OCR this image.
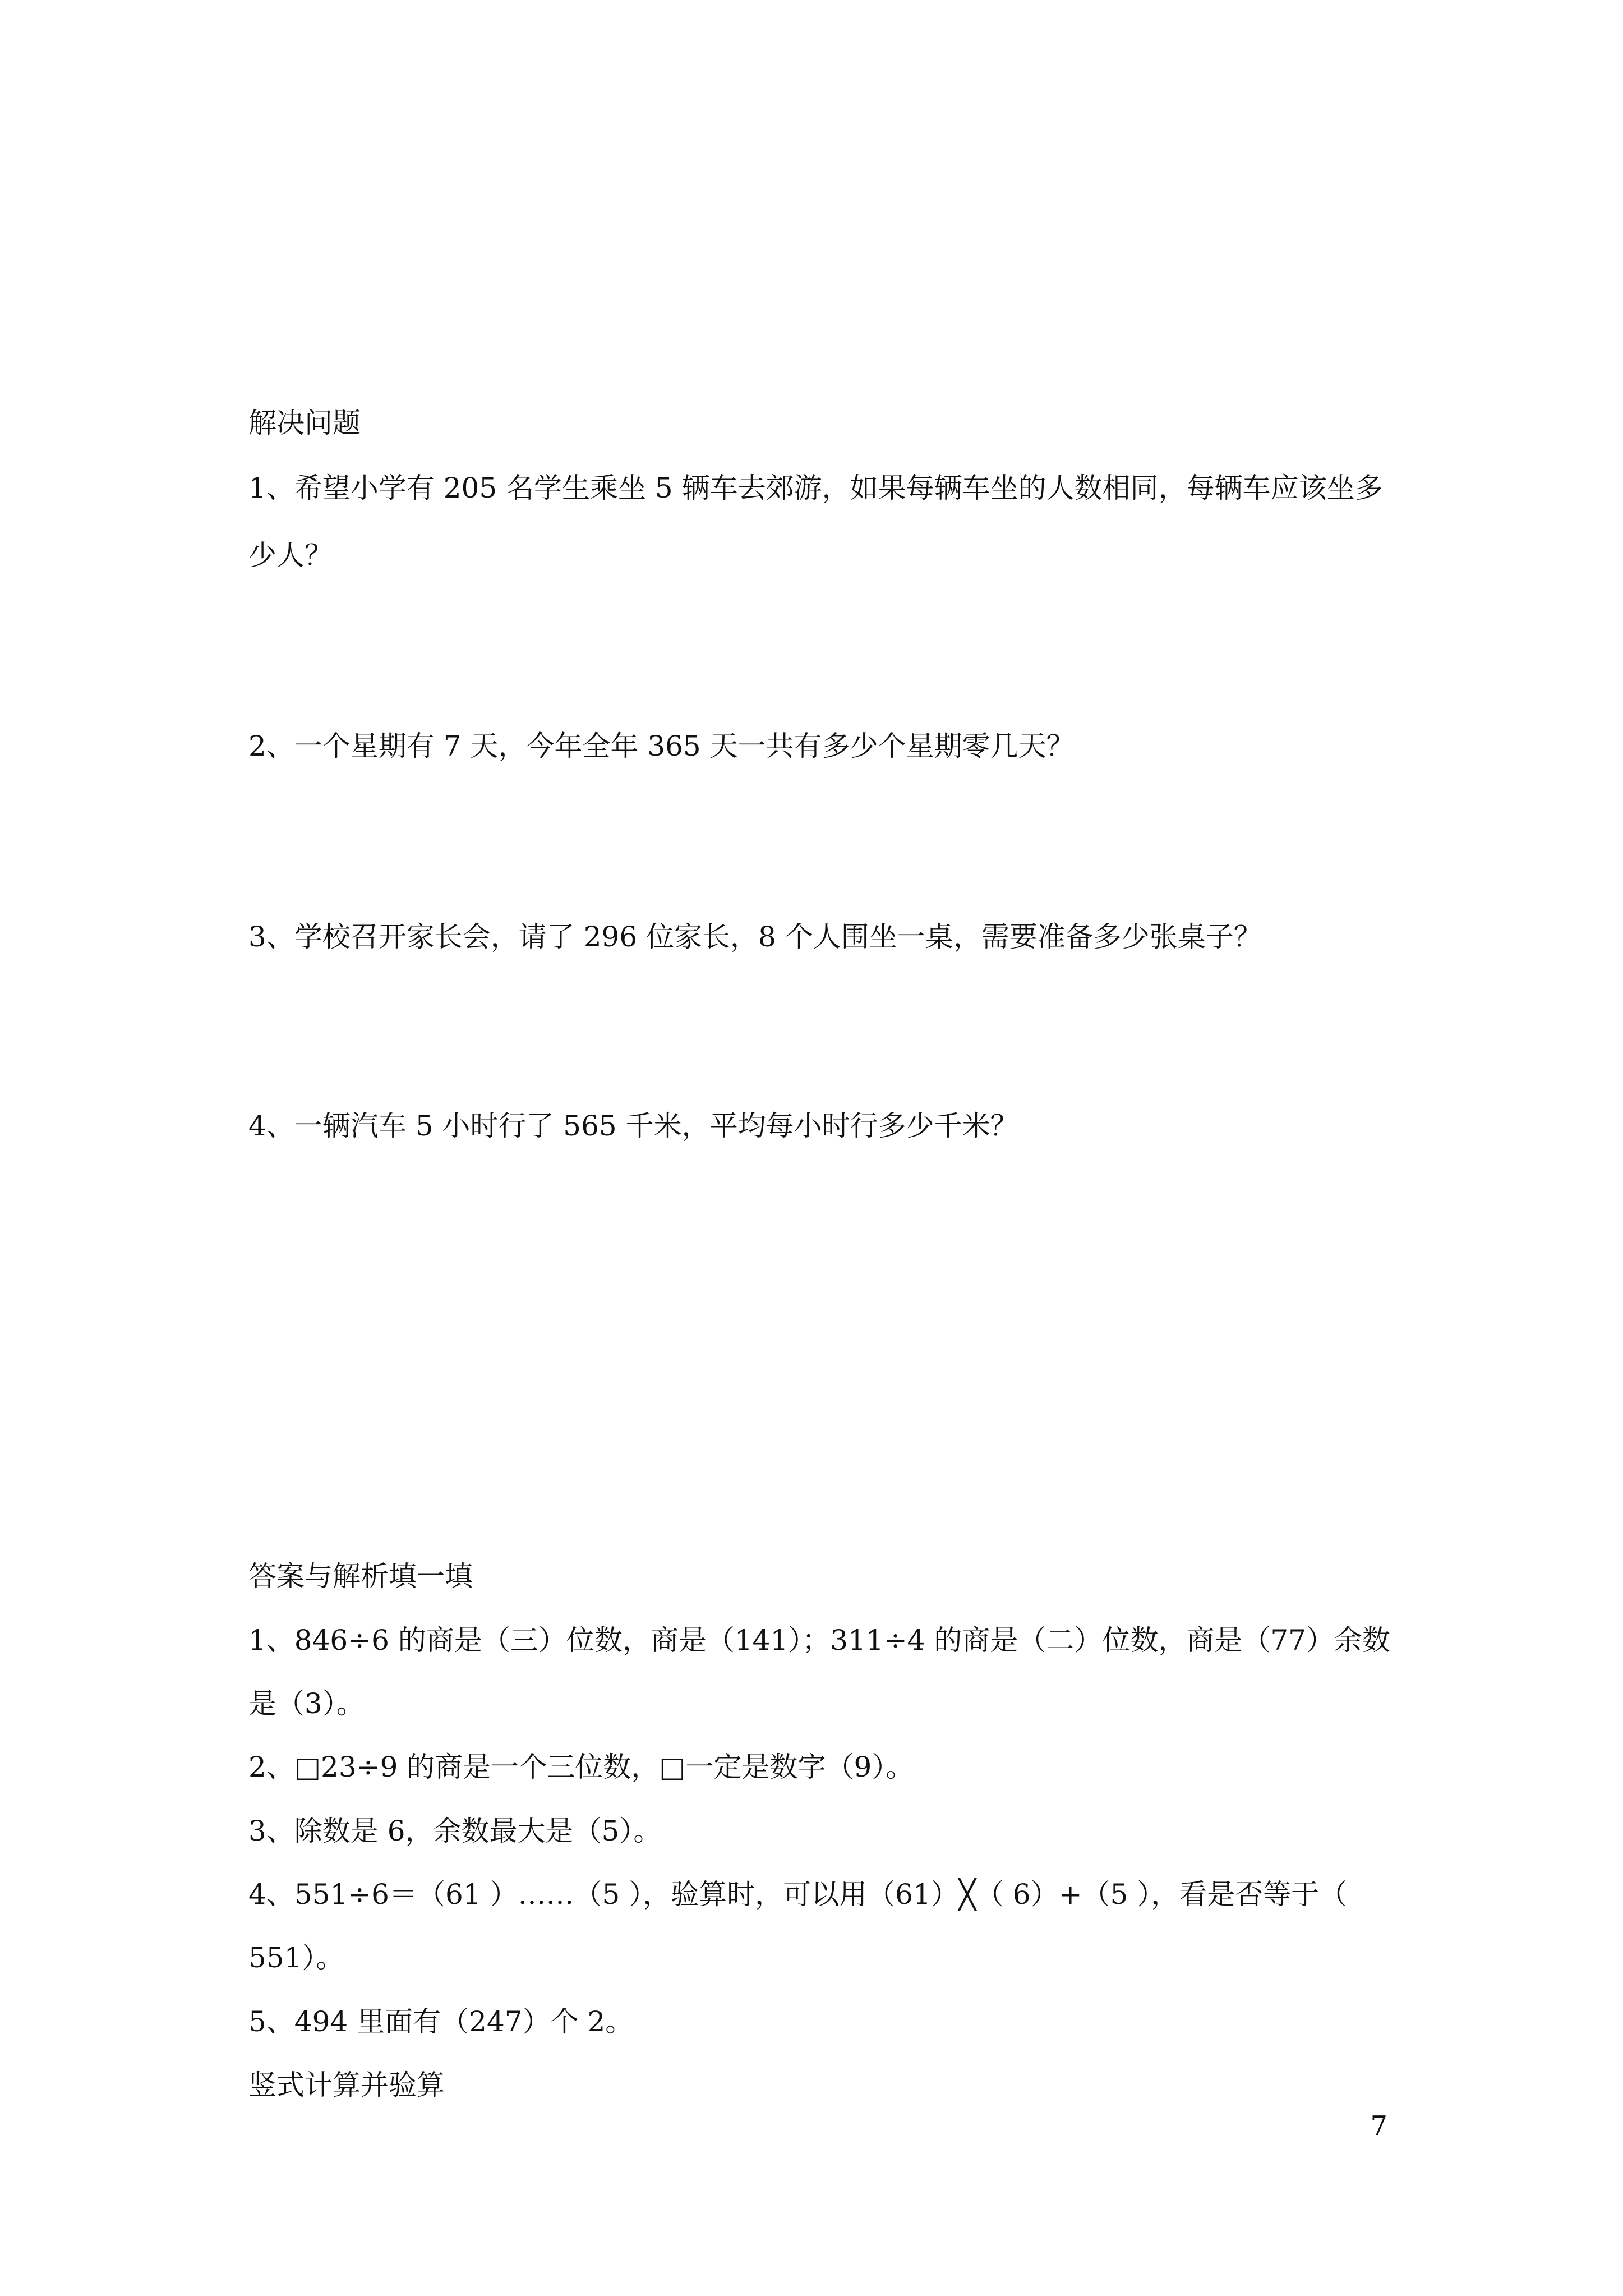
解决问题

1、希望小学有 205 名学生乘坐 5 辆车去郊游，如果每辆车坐的人数相同，每辆车应该坐多

少人？

2、一个星期有 7 天，今年全年 365 天一共有多少个星期零几天？

3、学校召开家长会，请了 296 位家长，8 个人围坐一桌，需要准备多少张桌子？

4、一辆汽车 5 小时行了 565 千米，平均每小时行多少千米？

答案与解析填一填

1、846÷6 的商是（三）位数，商是（141）；311÷4 的商是（二）位数，商是（77）余数

是（3）。

2、□23÷9 的商是一个三位数，□一定是数字（9）。

3、除数是 6，余数最大是（5）。

4、551÷6＝（61 ）……（5 ），验算时，可以用（61）╳（ 6）+（5 ），看是否等于（

551）。

5、494 里面有（247）个 2。

竖式计算并验算

7
